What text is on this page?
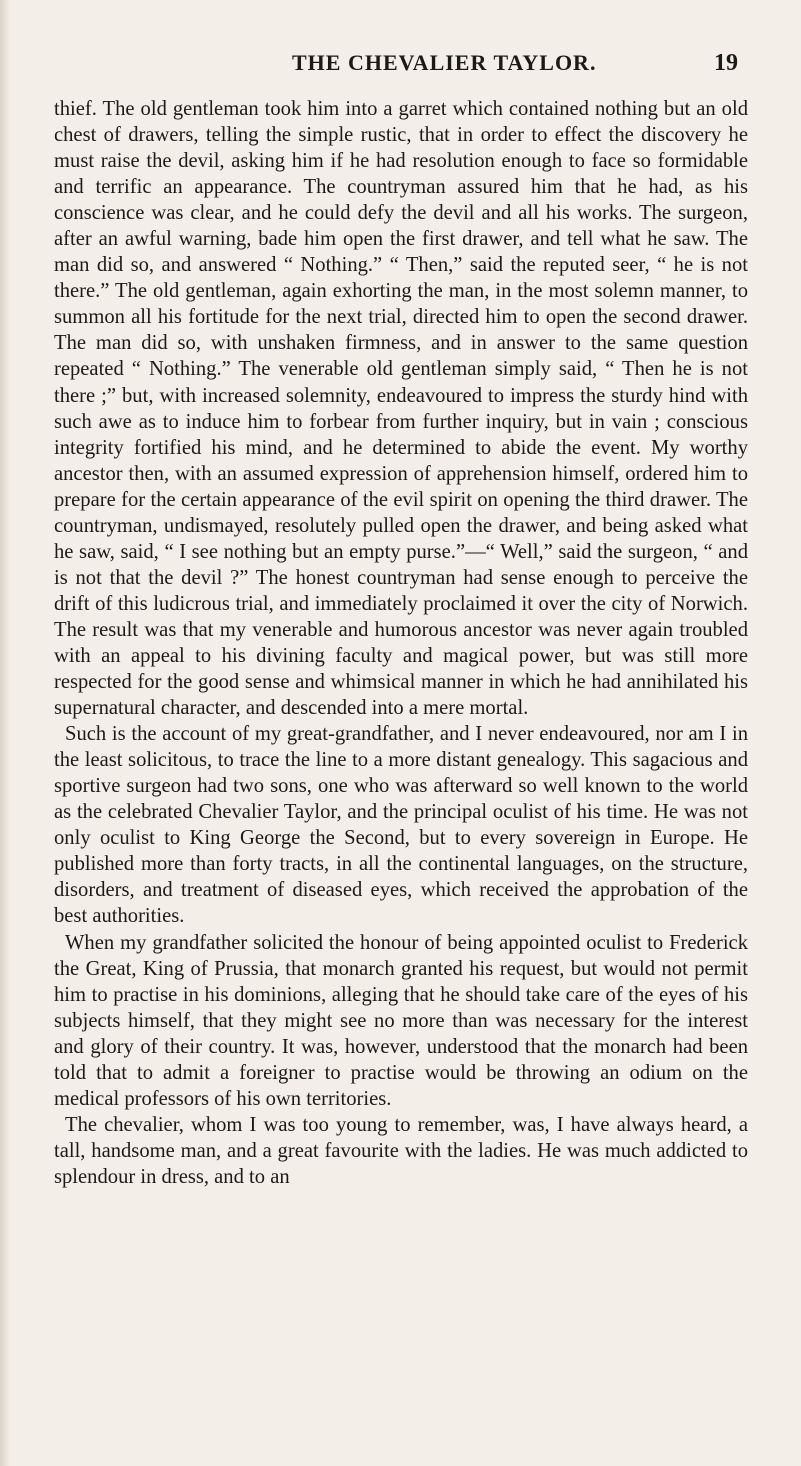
THE CHEVALIER TAYLOR.	19

thief. The old gentleman took him into a garret which contained nothing but an old chest of drawers, telling the simple rustic, that in order to effect the discovery he must raise the devil, asking him if he had resolution enough to face so formidable and terrific an appearance. The countryman assured him that he had, as his conscience was clear, and he could defy the devil and all his works. The surgeon, after an awful warning, bade him open the first drawer, and tell what he saw. The man did so, and answered “ Nothing.” “ Then,” said the reputed seer, “ he is not there.” The old gentleman, again exhorting the man, in the most solemn manner, to summon all his fortitude for the next trial, directed him to open the second drawer. The man did so, with unshaken firmness, and in answer to the same question repeated “ Nothing.” The venerable old gentleman simply said, “ Then he is not there ;” but, with increased solemnity, endeavoured to impress the sturdy hind with such awe as to induce him to forbear from further inquiry, but in vain ; conscious integrity fortified his mind, and he determined to abide the event. My worthy ancestor then, with an assumed expression of apprehension himself, ordered him to prepare for the certain appearance of the evil spirit on opening the third drawer. The countryman, undismayed, resolutely pulled open the drawer, and being asked what he saw, said, “ I see nothing but an empty purse.”—“ Well,” said the surgeon, “ and is not that the devil ?” The honest countryman had sense enough to perceive the drift of this ludicrous trial, and immediately proclaimed it over the city of Norwich. The result was that my venerable and humorous ancestor was never again troubled with an appeal to his divining faculty and magical power, but was still more respected for the good sense and whimsical manner in which he had annihilated his supernatural character, and descended into a mere mortal.

Such is the account of my great-grandfather, and I never endeavoured, nor am I in the least solicitous, to trace the line to a more distant genealogy. This sagacious and sportive surgeon had two sons, one who was afterward so well known to the world as the celebrated Chevalier Taylor, and the principal oculist of his time. He was not only oculist to King George the Second, but to every sovereign in Europe. He published more than forty tracts, in all the continental languages, on the structure, disorders, and treatment of diseased eyes, which received the approbation of the best authorities.

When my grandfather solicited the honour of being appointed oculist to Frederick the Great, King of Prussia, that monarch granted his request, but would not permit him to practise in his dominions, alleging that he should take care of the eyes of his subjects himself, that they might see no more than was necessary for the interest and glory of their country. It was, however, understood that the monarch had been told that to admit a foreigner to practise would be throwing an odium on the medical professors of his own territories.

The chevalier, whom I was too young to remember, was, I have always heard, a tall, handsome man, and a great favourite with the ladies. He was much addicted to splendour in dress, and to an
